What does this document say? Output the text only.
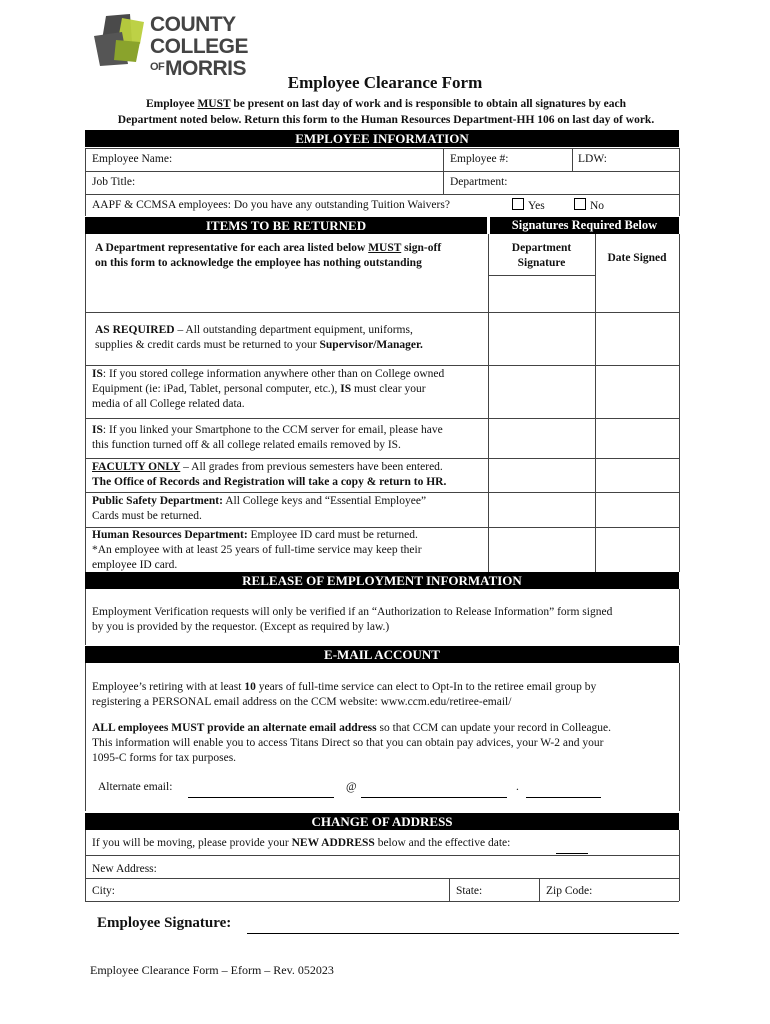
COUNTY
COLLEGE
OF MORRIS
Employee Clearance Form
Employee MUST be present on last day of work and is responsible to obtain all signatures by each
Department noted below. Return this form to the Human Resources Department-HH 106 on last day of work.
EMPLOYEE INFORMATION
Employee Name:	Employee #:	LDW:
Job Title:	Department:
AAPF & CCMSA employees: Do you have any outstanding Tuition Waivers?	Yes	No
ITEMS TO BE RETURNED	Signatures Required Below
A Department representative for each area listed below MUST sign-off
on this form to acknowledge the employee has nothing outstanding
Department
Signature	Date Signed
AS REQUIRED – All outstanding department equipment, uniforms,
supplies & credit cards must be returned to your Supervisor/Manager.
IS: If you stored college information anywhere other than on College owned
Equipment (ie: iPad, Tablet, personal computer, etc.), IS must clear your
media of all College related data.
IS: If you linked your Smartphone to the CCM server for email, please have
this function turned off & all college related emails removed by IS.
FACULTY ONLY – All grades from previous semesters have been entered.
The Office of Records and Registration will take a copy & return to HR.
Public Safety Department: All College keys and “Essential Employee”
Cards must be returned.
Human Resources Department: Employee ID card must be returned.
*An employee with at least 25 years of full-time service may keep their
employee ID card.
RELEASE OF EMPLOYMENT INFORMATION
Employment Verification requests will only be verified if an “Authorization to Release Information” form signed
by you is provided by the requestor. (Except as required by law.)
E-MAIL ACCOUNT
Employee’s retiring with at least 10 years of full-time service can elect to Opt-In to the retiree email group by
registering a PERSONAL email address on the CCM website: www.ccm.edu/retiree-email/
ALL employees MUST provide an alternate email address so that CCM can update your record in Colleague.
This information will enable you to access Titans Direct so that you can obtain pay advices, your W-2 and your
1095-C forms for tax purposes.
Alternate email:	@	.
CHANGE OF ADDRESS
If you will be moving, please provide your NEW ADDRESS below and the effective date:
New Address:
City:	State:	Zip Code:
Employee Signature:
Employee Clearance Form – Eform – Rev. 052023
